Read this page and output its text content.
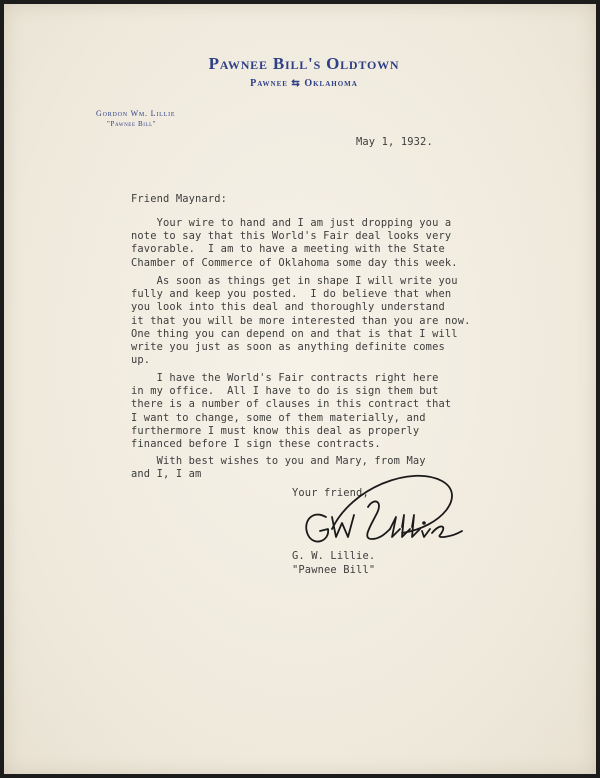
Pawnee Bill's Oldtown
Pawnee ⇆ Oklahoma
Gordon Wm. Lillie
"Pawnee Bill"
May 1, 1932.
Friend Maynard:
Your wire to hand and I am just dropping you a
note to say that this World's Fair deal looks very
favorable.  I am to have a meeting with the State
Chamber of Commerce of Oklahoma some day this week.
As soon as things get in shape I will write you
fully and keep you posted.  I do believe that when
you look into this deal and thoroughly understand
it that you will be more interested than you are now.
One thing you can depend on and that is that I will
write you just as soon as anything definite comes
up.
I have the World's Fair contracts right here
in my office.  All I have to do is sign them but
there is a number of clauses in this contract that
I want to change, some of them materially, and
furthermore I must know this deal as properly
financed before I sign these contracts.
With best wishes to you and Mary, from May
and I, I am
Your friend,
G. W. Lillie.
"Pawnee Bill"
